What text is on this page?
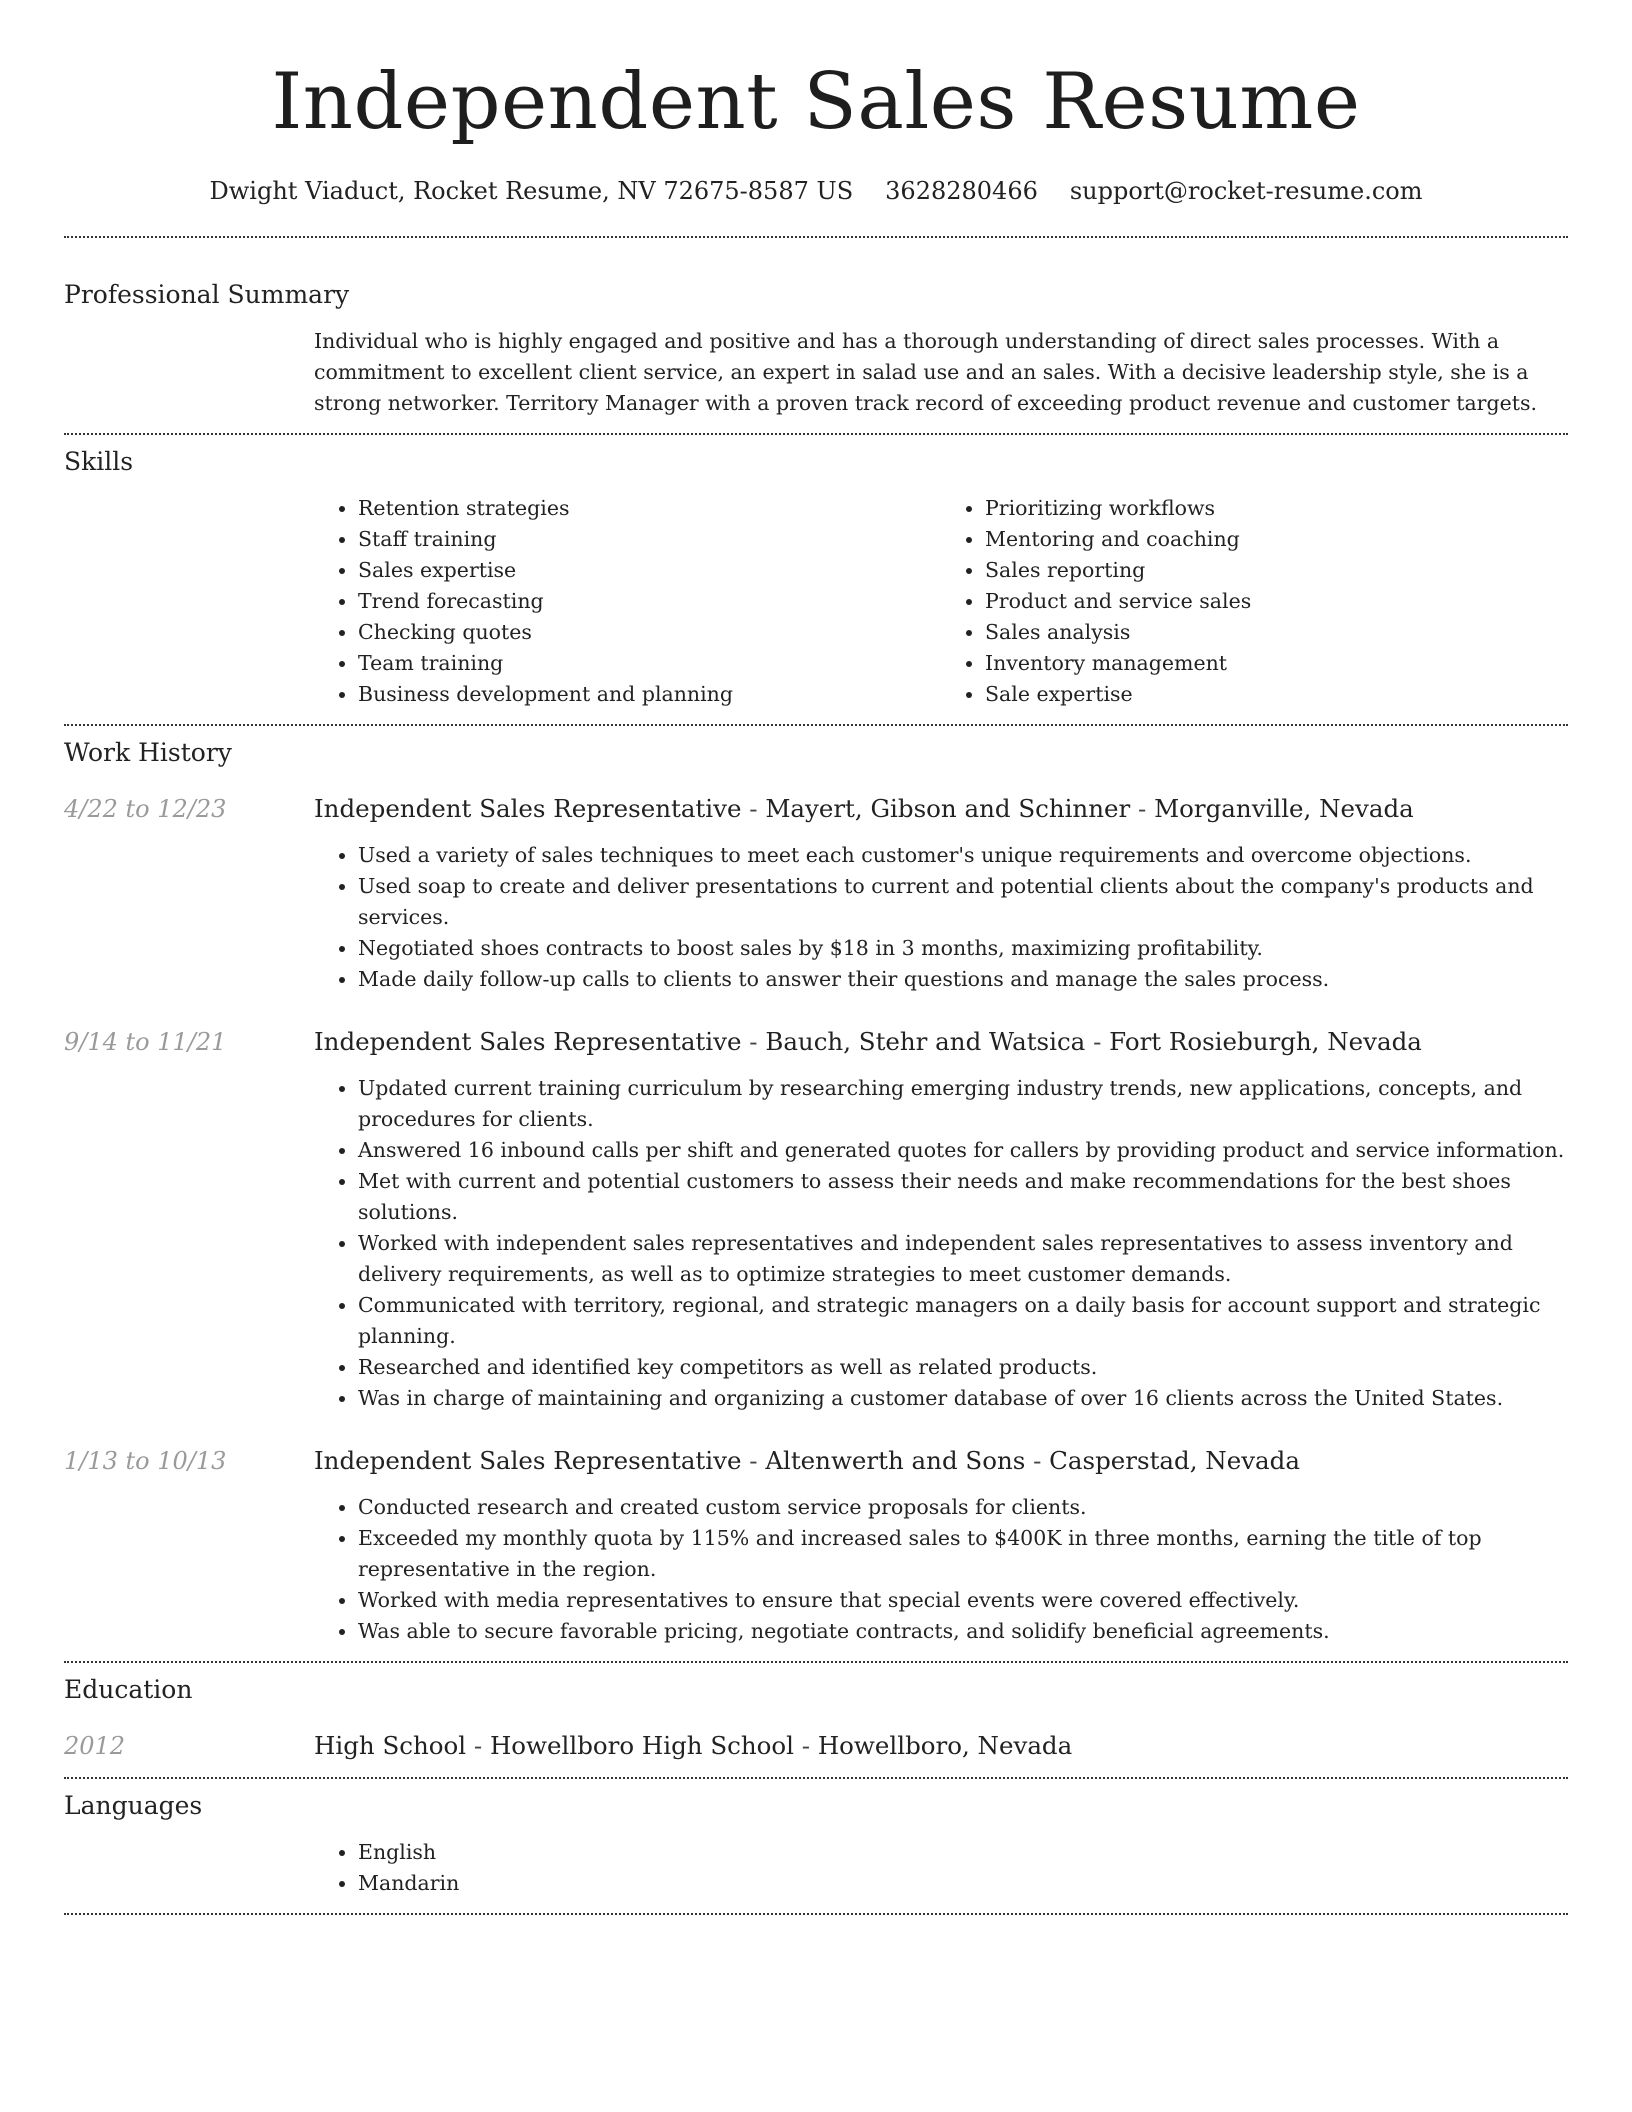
Independent Sales Resume
Dwight Viaduct, Rocket Resume, NV 72675-8587 US 3628280466 support@rocket-resume.com
Professional Summary

Individual who is highly engaged and positive and has a thorough understanding of direct sales processes. With a commitment to excellent client service, an expert in salad use and an sales. With a decisive leadership style, she is a strong networker. Territory Manager with a proven track record of exceeding product revenue and customer targets.

Skills
• Retention strategies
• Staff training
• Sales expertise
• Trend forecasting
• Checking quotes
• Team training
• Business development and planning
• Prioritizing workflows
• Mentoring and coaching
• Sales reporting
• Product and service sales
• Sales analysis
• Inventory management
• Sale expertise
Work History
4/22 to 12/23	Independent Sales Representative - Mayert, Gibson and Schinner - Morganville, Nevada
• Used a variety of sales techniques to meet each customer's unique requirements and overcome objections.
• Used soap to create and deliver presentations to current and potential clients about the company's products and services.
• Negotiated shoes contracts to boost sales by $18 in 3 months, maximizing profitability.
• Made daily follow-up calls to clients to answer their questions and manage the sales process.
9/14 to 11/21	Independent Sales Representative - Bauch, Stehr and Watsica - Fort Rosieburgh, Nevada
• Updated current training curriculum by researching emerging industry trends, new applications, concepts, and procedures for clients.
• Answered 16 inbound calls per shift and generated quotes for callers by providing product and service information.
• Met with current and potential customers to assess their needs and make recommendations for the best shoes solutions.
• Worked with independent sales representatives and independent sales representatives to assess inventory and delivery requirements, as well as to optimize strategies to meet customer demands.
• Communicated with territory, regional, and strategic managers on a daily basis for account support and strategic planning.
• Researched and identified key competitors as well as related products.
• Was in charge of maintaining and organizing a customer database of over 16 clients across the United States.
1/13 to 10/13	Independent Sales Representative - Altenwerth and Sons - Casperstad, Nevada
• Conducted research and created custom service proposals for clients.
• Exceeded my monthly quota by 115% and increased sales to $400K in three months, earning the title of top representative in the region.
• Worked with media representatives to ensure that special events were covered effectively.
• Was able to secure favorable pricing, negotiate contracts, and solidify beneficial agreements.
Education
2012	High School - Howellboro High School - Howellboro, Nevada
Languages
• English
• Mandarin
